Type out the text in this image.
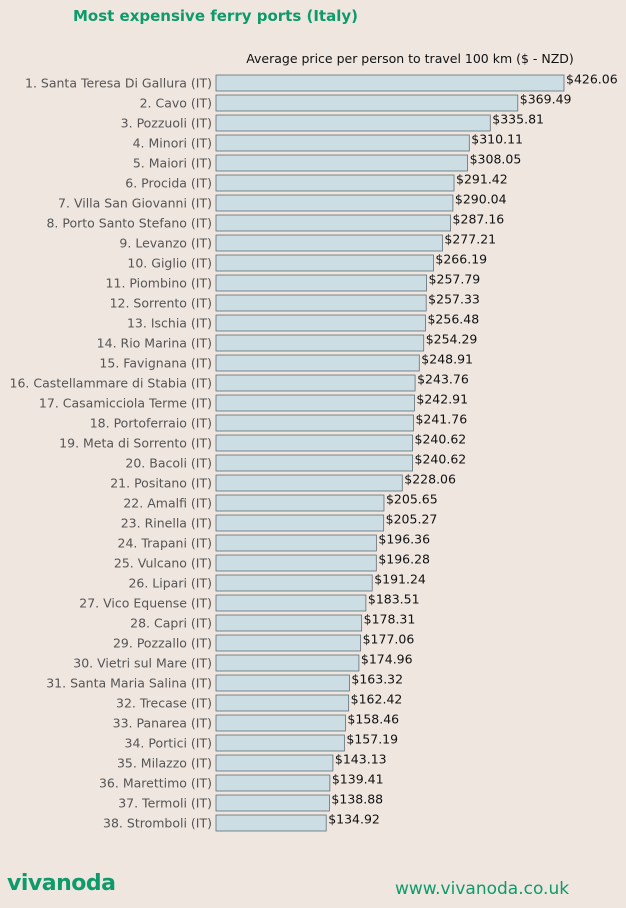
Most expensive ferry ports (Italy)
Average price per person to travel 100 km ($ - NZD)
1. Santa Teresa Di Gallura (IT)	$426.06
2. Cavo (IT)	$369.49
3. Pozzuoli (IT)	$335.81
4. Minori (IT)	$310.11
5. Maiori (IT)	$308.05
6. Procida (IT)	$291.42
7. Villa San Giovanni (IT)	$290.04
8. Porto Santo Stefano (IT)	$287.16
9. Levanzo (IT)	$277.21
10. Giglio (IT)	$266.19
11. Piombino (IT)	$257.79
12. Sorrento (IT)	$257.33
13. Ischia (IT)	$256.48
14. Rio Marina (IT)	$254.29
15. Favignana (IT)	$248.91
16. Castellammare di Stabia (IT)	$243.76
17. Casamicciola Terme (IT)	$242.91
18. Portoferraio (IT)	$241.76
19. Meta di Sorrento (IT)	$240.62
20. Bacoli (IT)	$240.62
21. Positano (IT)	$228.06
22. Amalfi (IT)	$205.65
23. Rinella (IT)	$205.27
24. Trapani (IT)	$196.36
25. Vulcano (IT)	$196.28
26. Lipari (IT)	$191.24
27. Vico Equense (IT)	$183.51
28. Capri (IT)	$178.31
29. Pozzallo (IT)	$177.06
30. Vietri sul Mare (IT)	$174.96
31. Santa Maria Salina (IT)	$163.32
32. Trecase (IT)	$162.42
33. Panarea (IT)	$158.46
34. Portici (IT)	$157.19
35. Milazzo (IT)	$143.13
36. Marettimo (IT)	$139.41
37. Termoli (IT)	$138.88
38. Stromboli (IT)	$134.92
vivanoda	www.vivanoda.co.uk
